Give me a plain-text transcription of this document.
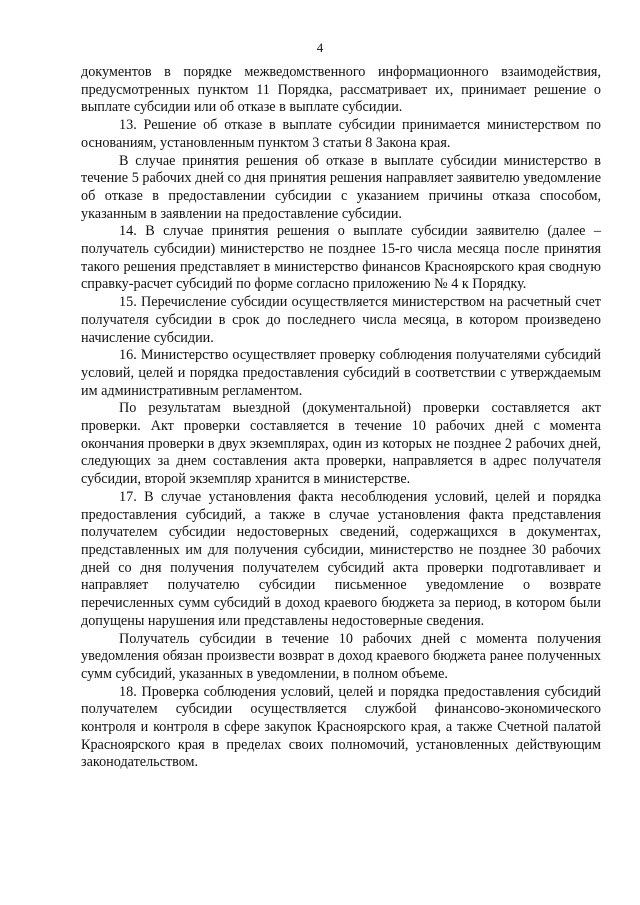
4

документов в порядке межведомственного информационного взаимодействия, предусмотренных пунктом 11 Порядка, рассматривает их, принимает решение о выплате субсидии или об отказе в выплате субсидии.

13. Решение об отказе в выплате субсидии принимается министерством по основаниям, установленным пунктом 3 статьи 8 Закона края.

В случае принятия решения об отказе в выплате субсидии министерство в течение 5 рабочих дней со дня принятия решения направляет заявителю уведомление об отказе в предоставлении субсидии с указанием причины отказа способом, указанным в заявлении на предоставление субсидии.

14. В случае принятия решения о выплате субсидии заявителю (далее – получатель субсидии) министерство не позднее 15-го числа месяца после принятия такого решения представляет в министерство финансов Красноярского края сводную справку-расчет субсидий по форме согласно приложению № 4 к Порядку.

15. Перечисление субсидии осуществляется министерством на расчетный счет получателя субсидии в срок до последнего числа месяца, в котором произведено начисление субсидии.

16. Министерство осуществляет проверку соблюдения получателями субсидий условий, целей и порядка предоставления субсидий в соответствии с утверждаемым им административным регламентом.

По результатам выездной (документальной) проверки составляется акт проверки. Акт проверки составляется в течение 10 рабочих дней с момента окончания проверки в двух экземплярах, один из которых не позднее 2 рабочих дней, следующих за днем составления акта проверки, направляется в адрес получателя субсидии, второй экземпляр хранится в министерстве.

17. В случае установления факта несоблюдения условий, целей и порядка предоставления субсидий, а также в случае установления факта представления получателем субсидии недостоверных сведений, содержащихся в документах, представленных им для получения субсидии, министерство не позднее 30 рабочих дней со дня получения получателем субсидий акта проверки подготавливает и направляет получателю субсидии письменное уведомление о возврате перечисленных сумм субсидий в доход краевого бюджета за период, в котором были допущены нарушения или представлены недостоверные сведения.

Получатель субсидии в течение 10 рабочих дней с момента получения уведомления обязан произвести возврат в доход краевого бюджета ранее полученных сумм субсидий, указанных в уведомлении, в полном объеме.

18. Проверка соблюдения условий, целей и порядка предоставления субсидий получателем субсидии осуществляется службой финансово-экономического контроля и контроля в сфере закупок Красноярского края, а также Счетной палатой Красноярского края в пределах своих полномочий, установленных действующим законодательством.
